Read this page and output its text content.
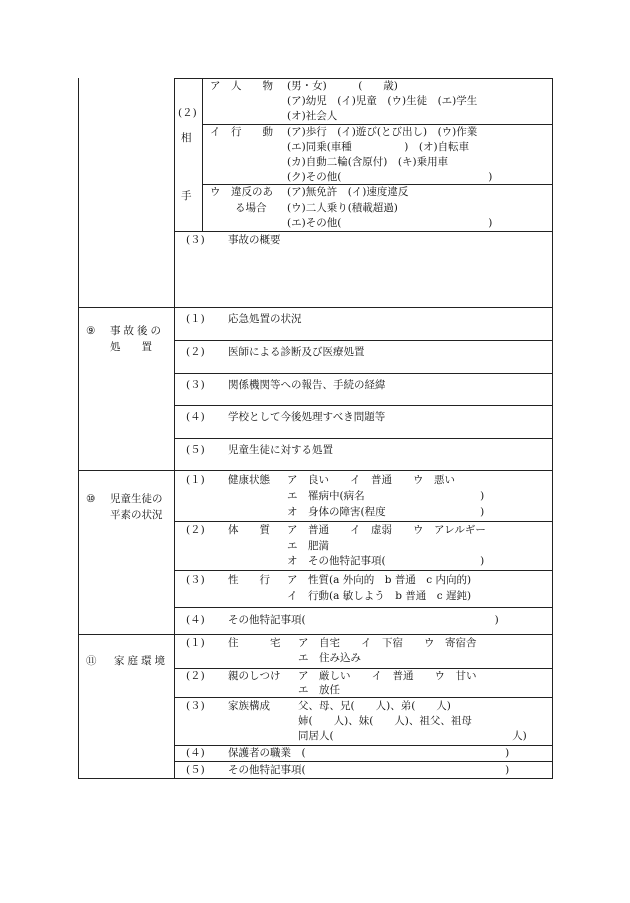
(２)
相
手
ア　人　　物 (男・女)　　　(　　歳)
(ア)幼児　(イ)児童　(ウ)生徒　(エ)学生
(オ)社会人
イ　行　　動 (ア)歩行　(イ)遊び(とび出し)　(ウ)作業
(エ)同乗(車種　　　　　)　(オ)自転車
(カ)自動二輪(含原付)　(キ)乗用車
(ク)その他(　　　　　　　　　　　　　　)
ウ　違反のあ
る場合
(ア)無免許　(イ)速度違反
(ウ)二人乗り(積載超過)
(エ)その他(　　　　　　　　　　　　　　)
(３) 事故の概要
⑨ 事故後の
処　　置
(１) 応急処置の状況
(２) 医師による診断及び医療処置
(３) 関係機関等への報告、手続の経緯
(４) 学校として今後処理すべき問題等
(５) 児童生徒に対する処置
⑩ 児童生徒の
平素の状況
(１) 健康状態 ア　良い　　イ　普通　　ウ　悪い
エ　罹病中(病名　　　　　　　　　　　)
オ　身体の障害(程度　　　　　　　　　)
(２) 体　　質 ア　普通　　イ　虚弱　　ウ　アレルギー
エ　肥満
オ　その他特記事項(　　　　　　　　　)
(３) 性　　行 ア　性質(a 外向的　b 普通　c 内向的)
イ　行動(a 敏しよう　b 普通　c 遅鈍)
(４) その他特記事項(　　　　　　　　　　　　　　　　　　)
⑪ 家庭環境
(１) 住　　　宅 ア　自宅　　イ　下宿　　ウ　寄宿舎
エ　住み込み
(２) 親のしつけ ア　厳しい　　イ　普通　　ウ　甘い
エ　放任
(３) 家族構成	父、母、兄(　　人)、弟(　　人)
姉(　　人)、妹(　　人)、祖父、祖母
同居人(　　　　　　　　　　　　　　　　　人)
(４) 保護者の職業　(　　　　　　　　　　　　　　　　　　　)
(５) その他特記事項(　　　　　　　　　　　　　　　　　　　)
